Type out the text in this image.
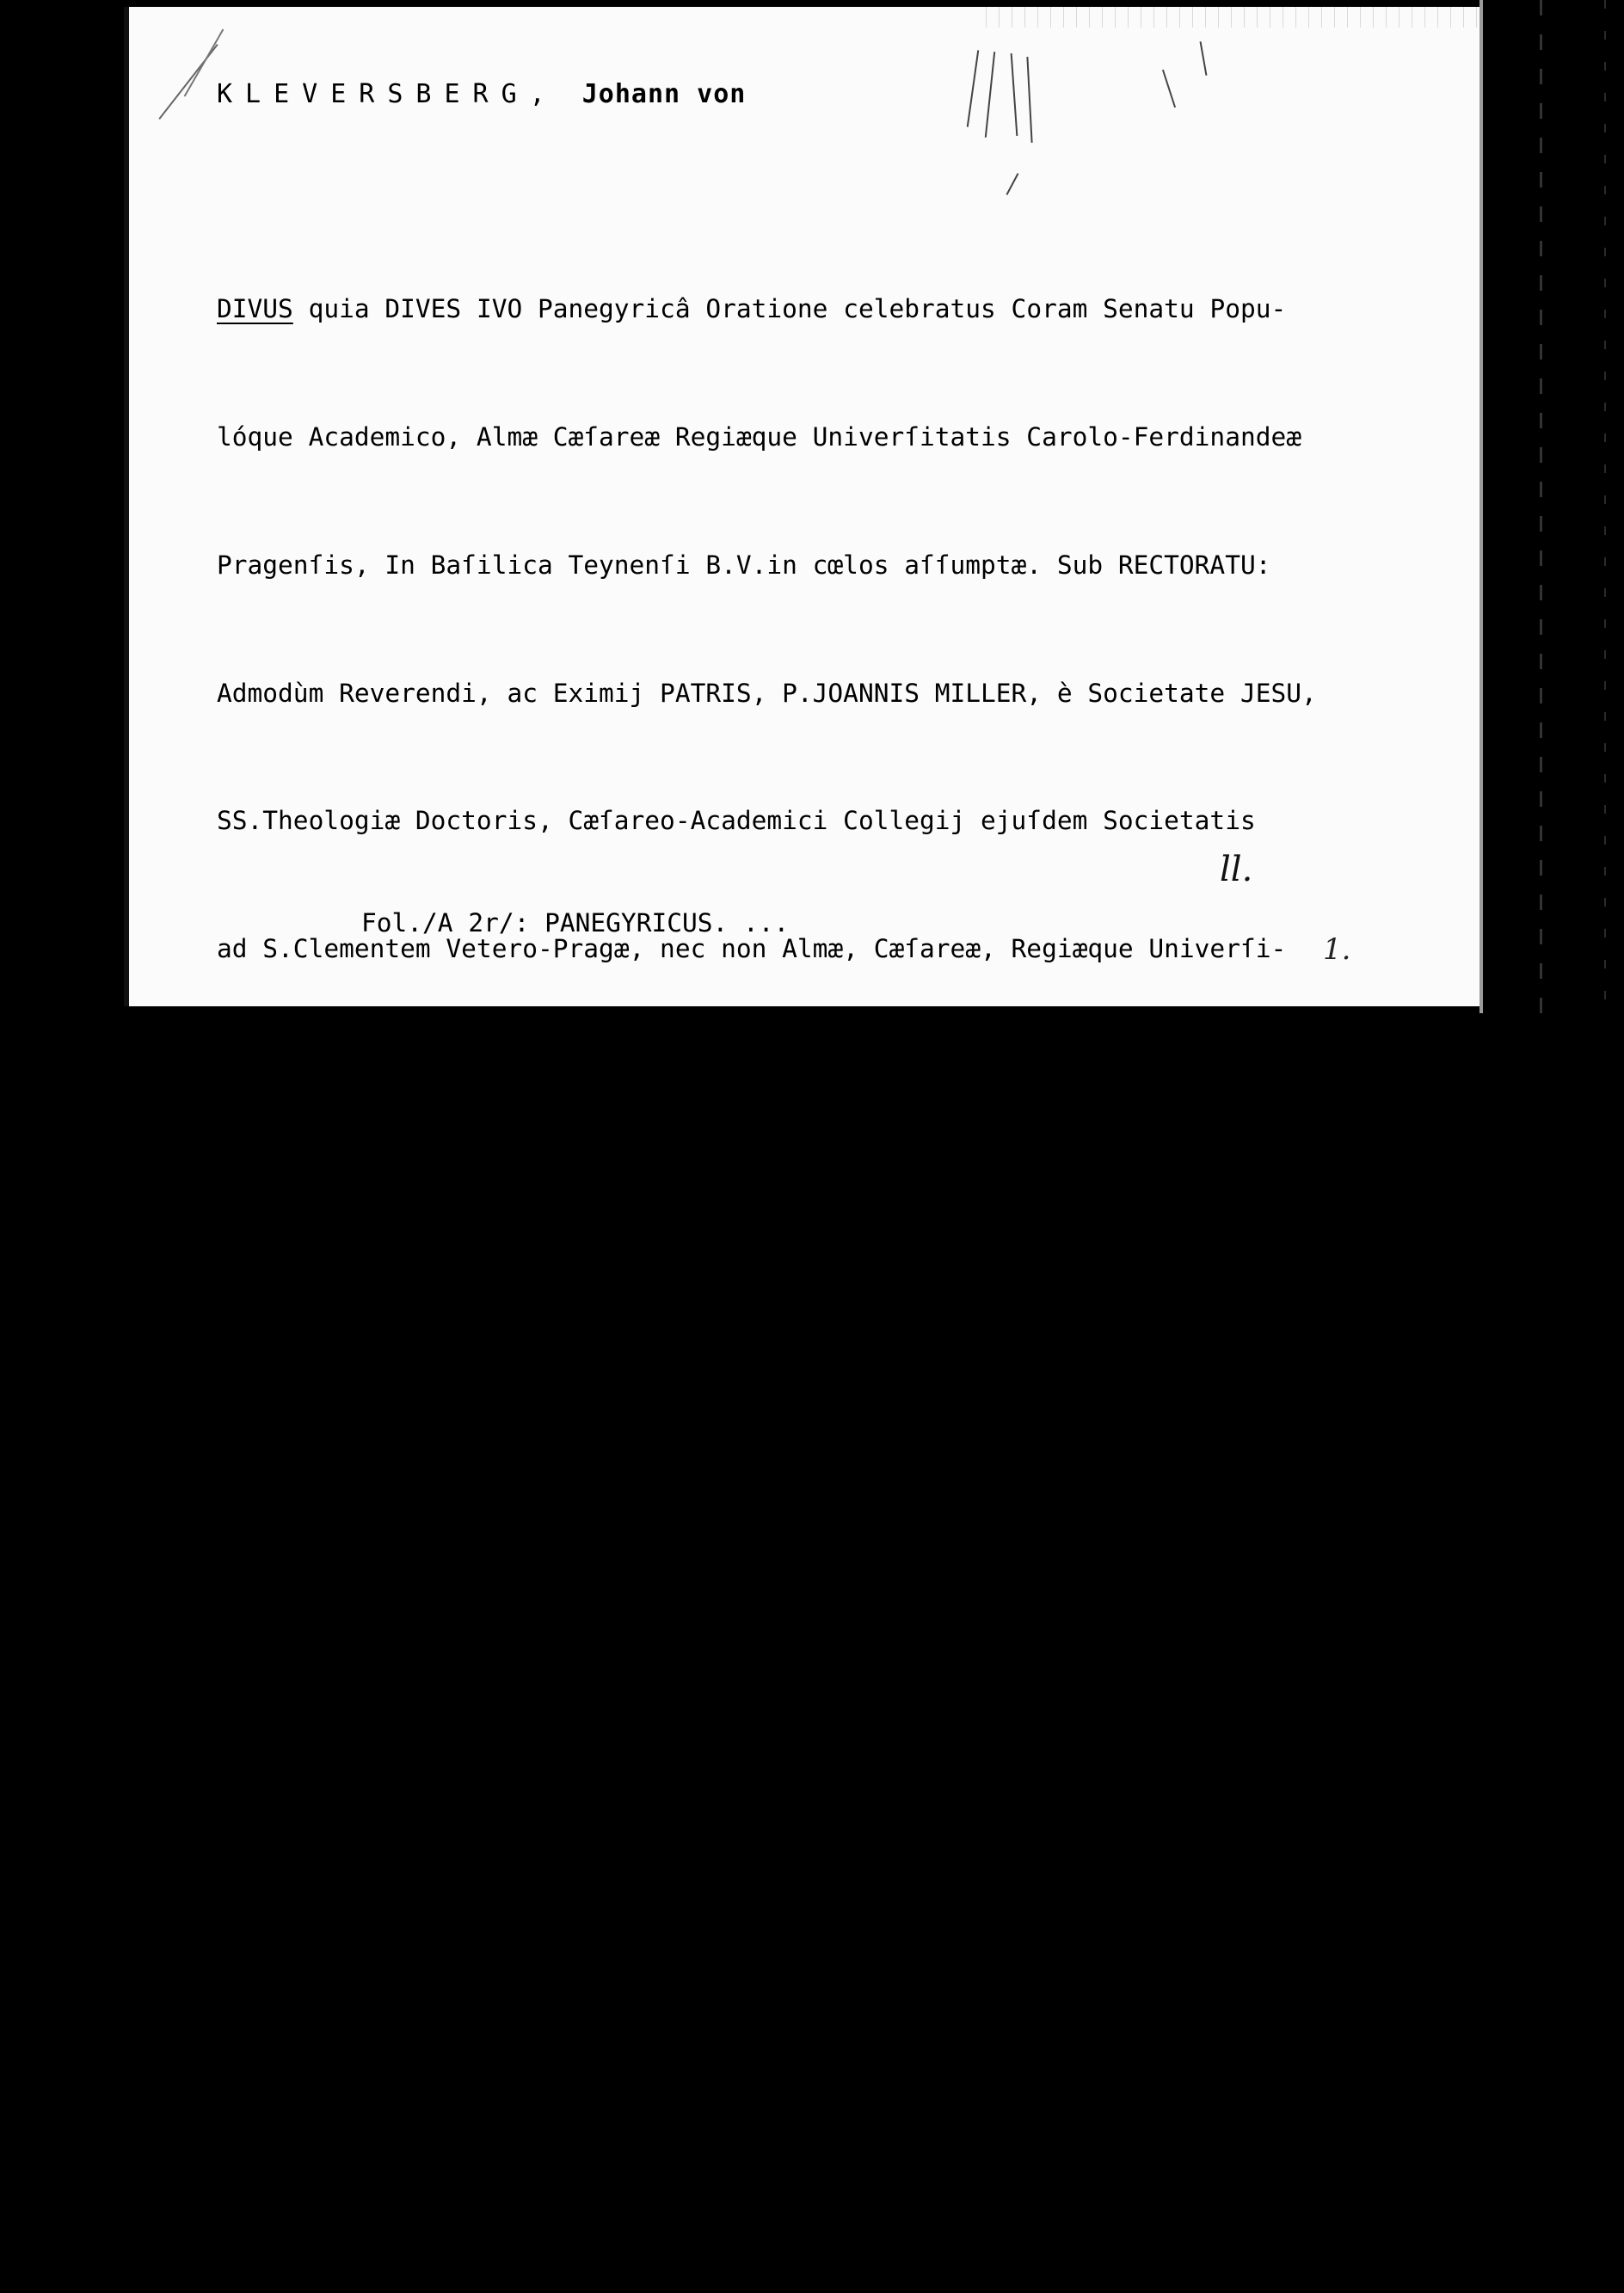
KLEVERSBERG, Johann von

DIVUS quia DIVES IVO Panegyricâ Oratione celebratus Coram Senatu Popu-

lóque Academico, Almæ Cæſareæ Regiæque Univerſitatis Carolo-Ferdinandeæ

Pragenſis, In Baſilica Teynenſi B.V.in cœlos aſſumptæ. Sub RECTORATU:

Admodùm Reverendi, ac Eximij PATRIS, P.JOANNIS MILLER, è Societate JESU,

SS.Theologiæ Doctoris, Cæſareo-Academici Collegij ejuſdem Societatis

ad S.Clementem Vetero-Pragæ, nec non Almæ, Cæſareæ, Regiæque Univerſi-

tatis Carolo-Ferdinandeæ Pragenſis p.t. RECTORIS MAGNIFICI. Sub DECANA-

TU: Prænobilis, Generoſi, Clariſſimi, ac Conſultiſſimi Viri D.WENCESLAI

JOANNIS de KRIEGELSTEIN, J.U.Doctoris, in Alma Cæſarea Regiáque Univerſi-

tate Carolo-Ferdinandæa Pragenſi Sac: Canonum Profeſſoris Regij Publi-

ci, ac Ordinarij, Sac:Cæſ: Regiæque Majeſtatis Conſiliarij, Venerabilis

Archi-Epiſcopalis Conſiſtorij Pragenſis Aſſeſſoris, in Inclyto Boëmiæ

Regno Regij Fiſci Adjuncti, & Advocati Jurati, nec non Facultatis Juri-

dicæ Senioris, & p.t.Spectabilis DECANI. Ab ILLUSTRISSIMO DOMINO Joanne

S.R.I. Comite de Kleversberg, J.U.Auditore. Die /.../ Maji. Anno 1711.

VETERO-PRAGÆ, Typis JOANNIS WENCESLAI HELM. 2°[A²]-C² /=VI/

ll.
Fol./A 2r/: PANEGYRICUS. ...
1.
